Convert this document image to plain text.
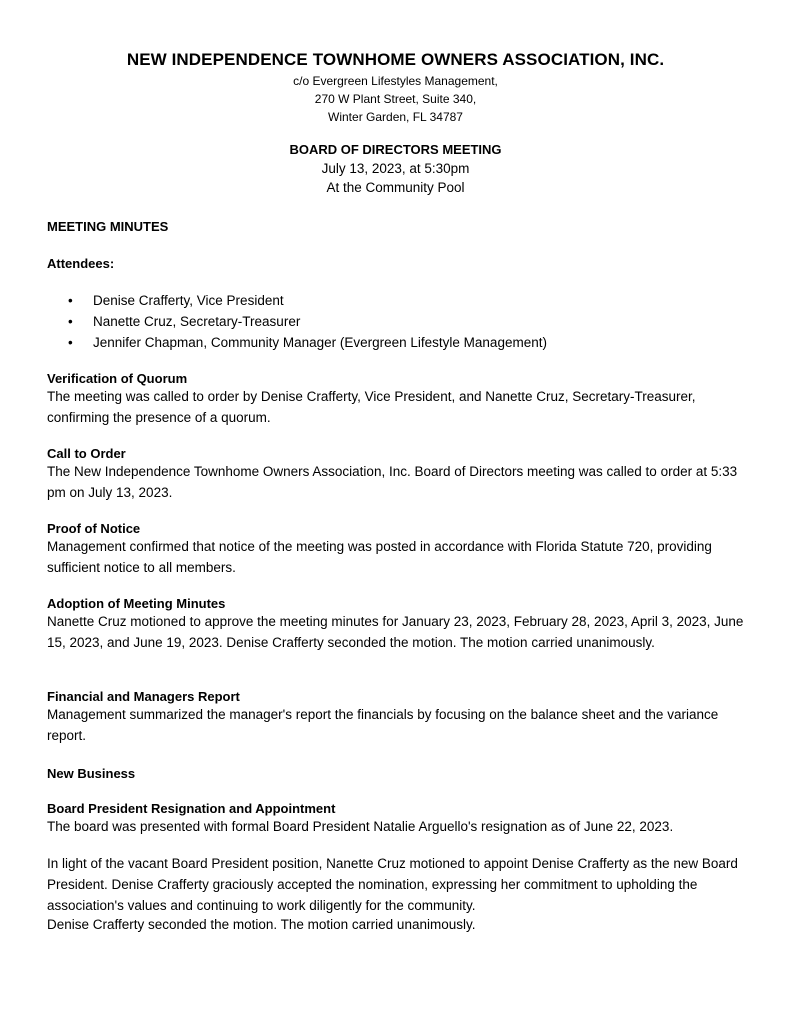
NEW INDEPENDENCE TOWNHOME OWNERS ASSOCIATION, INC.
c/o Evergreen Lifestyles Management,
270 W Plant Street, Suite 340,
Winter Garden, FL 34787
BOARD OF DIRECTORS MEETING
July 13, 2023, at 5:30pm
At the Community Pool
MEETING MINUTES
Attendees:
• Denise Crafferty, Vice President
• Nanette Cruz, Secretary-Treasurer
• Jennifer Chapman, Community Manager (Evergreen Lifestyle Management)
Verification of Quorum
The meeting was called to order by Denise Crafferty, Vice President, and Nanette Cruz, Secretary-Treasurer, confirming the presence of a quorum.
Call to Order
The New Independence Townhome Owners Association, Inc. Board of Directors meeting was called to order at 5:33 pm on July 13, 2023.
Proof of Notice
Management confirmed that notice of the meeting was posted in accordance with Florida Statute 720, providing sufficient notice to all members.
Adoption of Meeting Minutes
Nanette Cruz motioned to approve the meeting minutes for January 23, 2023, February 28, 2023, April 3, 2023, June 15, 2023, and June 19, 2023. Denise Crafferty seconded the motion. The motion carried unanimously.
Financial and Managers Report
Management summarized the manager's report the financials by focusing on the balance sheet and the variance report.
New Business
Board President Resignation and Appointment
The board was presented with formal Board President Natalie Arguello's resignation as of June 22, 2023.
In light of the vacant Board President position, Nanette Cruz motioned to appoint Denise Crafferty as the new Board President. Denise Crafferty graciously accepted the nomination, expressing her commitment to upholding the association's values and continuing to work diligently for the community.
Denise Crafferty seconded the motion. The motion carried unanimously.
